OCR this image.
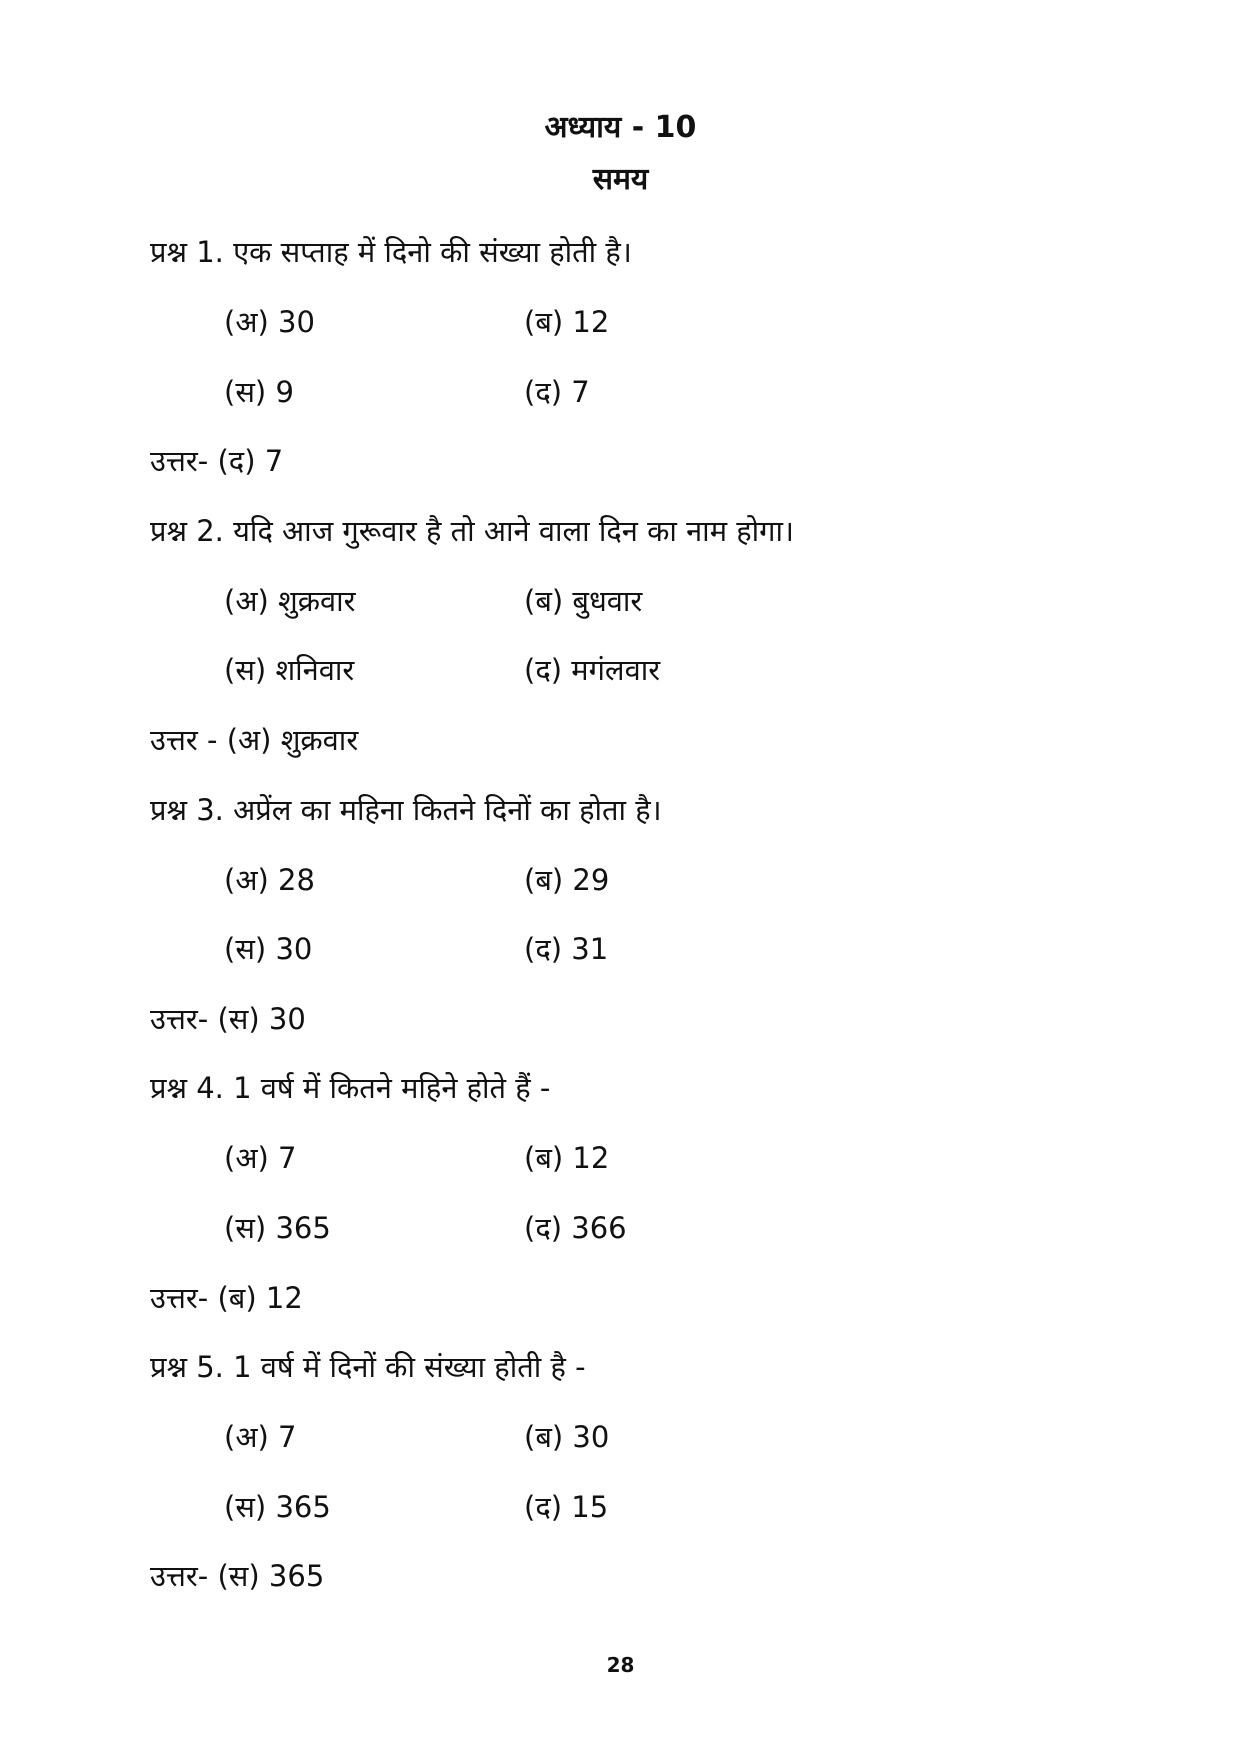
अध्याय - 10
समय
प्रश्न 1. एक सप्ताह में दिनो की संख्या होती है।
(अ) 30	(ब) 12
(स) 9	(द) 7
उत्तर- (द) 7
प्रश्न 2. यदि आज गुरूवार है तो आने वाला दिन का नाम होगा।
(अ) शुक्रवार	(ब) बुधवार
(स) शनिवार	(द) मगंलवार
उत्तर - (अ) शुक्रवार
प्रश्न 3. अप्रेंल का महिना कितने दिनों का होता है।
(अ) 28	(ब) 29
(स) 30	(द) 31
उत्तर- (स) 30
प्रश्न 4. 1 वर्ष में कितने महिने होते हैं -
(अ) 7	(ब) 12
(स) 365	(द) 366
उत्तर- (ब) 12
प्रश्न 5. 1 वर्ष में दिनों की संख्या होती है -
(अ) 7	(ब) 30
(स) 365	(द) 15
उत्तर- (स) 365
28
